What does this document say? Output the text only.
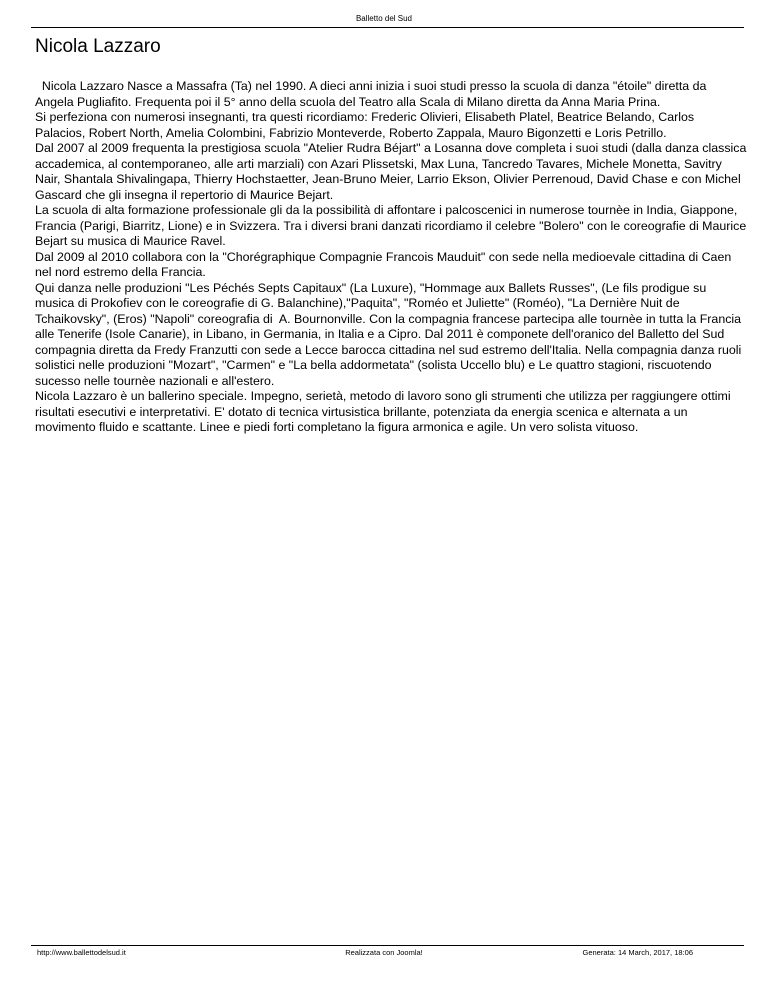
Balletto del Sud
Nicola Lazzaro

Nicola Lazzaro Nasce a Massafra (Ta) nel 1990. A dieci anni inizia i suoi studi presso la scuola di danza "étoile" diretta da Angela Pugliafito. Frequenta poi il 5° anno della scuola del Teatro alla Scala di Milano diretta da Anna Maria Prina.

Si perfeziona con numerosi insegnanti, tra questi ricordiamo: Frederic Olivieri, Elisabeth Platel, Beatrice Belando, Carlos Palacios, Robert North, Amelia Colombini, Fabrizio Monteverde, Roberto Zappala, Mauro Bigonzetti e Loris Petrillo.

Dal 2007 al 2009 frequenta la prestigiosa scuola "Atelier Rudra Béjart" a Losanna dove completa i suoi studi (dalla danza classica accademica, al contemporaneo, alle arti marziali) con Azari Plissetski, Max Luna, Tancredo Tavares, Michele Monetta, Savitry Nair, Shantala Shivalingapa, Thierry Hochstaetter, Jean-Bruno Meier, Larrio Ekson, Olivier Perrenoud, David Chase e con Michel Gascard che gli insegna il repertorio di Maurice Bejart.

La scuola di alta formazione professionale gli da la possibilità di affontare i palcoscenici in numerose tournèe in India, Giappone, Francia (Parigi, Biarritz, Lione) e in Svizzera. Tra i diversi brani danzati ricordiamo il celebre "Bolero" con le coreografie di Maurice Bejart su musica di Maurice Ravel.

Dal 2009 al 2010 collabora con la "Chorégraphique Compagnie Francois Mauduit" con sede nella medioevale cittadina di Caen nel nord estremo della Francia.

Qui danza nelle produzioni "Les Péchés Septs Capitaux" (La Luxure), "Hommage aux Ballets Russes", (Le fils prodigue su musica di Prokofiev con le coreografie di G. Balanchine),"Paquita", "Roméo et Juliette" (Roméo), "La Dernière Nuit de Tchaikovsky", (Eros) "Napoli" coreografia di  A. Bournonville. Con la compagnia francese partecipa alle tournèe in tutta la Francia alle Tenerife (Isole Canarie), in Libano, in Germania, in Italia e a Cipro. Dal 2011 è componete dell'oranico del Balletto del Sud compagnia diretta da Fredy Franzutti con sede a Lecce barocca cittadina nel sud estremo dell'Italia. Nella compagnia danza ruoli solistici nelle produzioni "Mozart", "Carmen" e "La bella addormetata" (solista Uccello blu) e Le quattro stagioni, riscuotendo sucesso nelle tournèe nazionali e all'estero.

Nicola Lazzaro è un ballerino speciale. Impegno, serietà, metodo di lavoro sono gli strumenti che utilizza per raggiungere ottimi risultati esecutivi e interpretativi. E' dotato di tecnica virtusistica brillante, potenziata da energia scenica e alternata a un movimento fluido e scattante. Linee e piedi forti completano la figura armonica e agile. Un vero solista vituoso.

http://www.ballettodelsud.it	Realizzata con Joomla!	Generata: 14 March, 2017, 18:06
